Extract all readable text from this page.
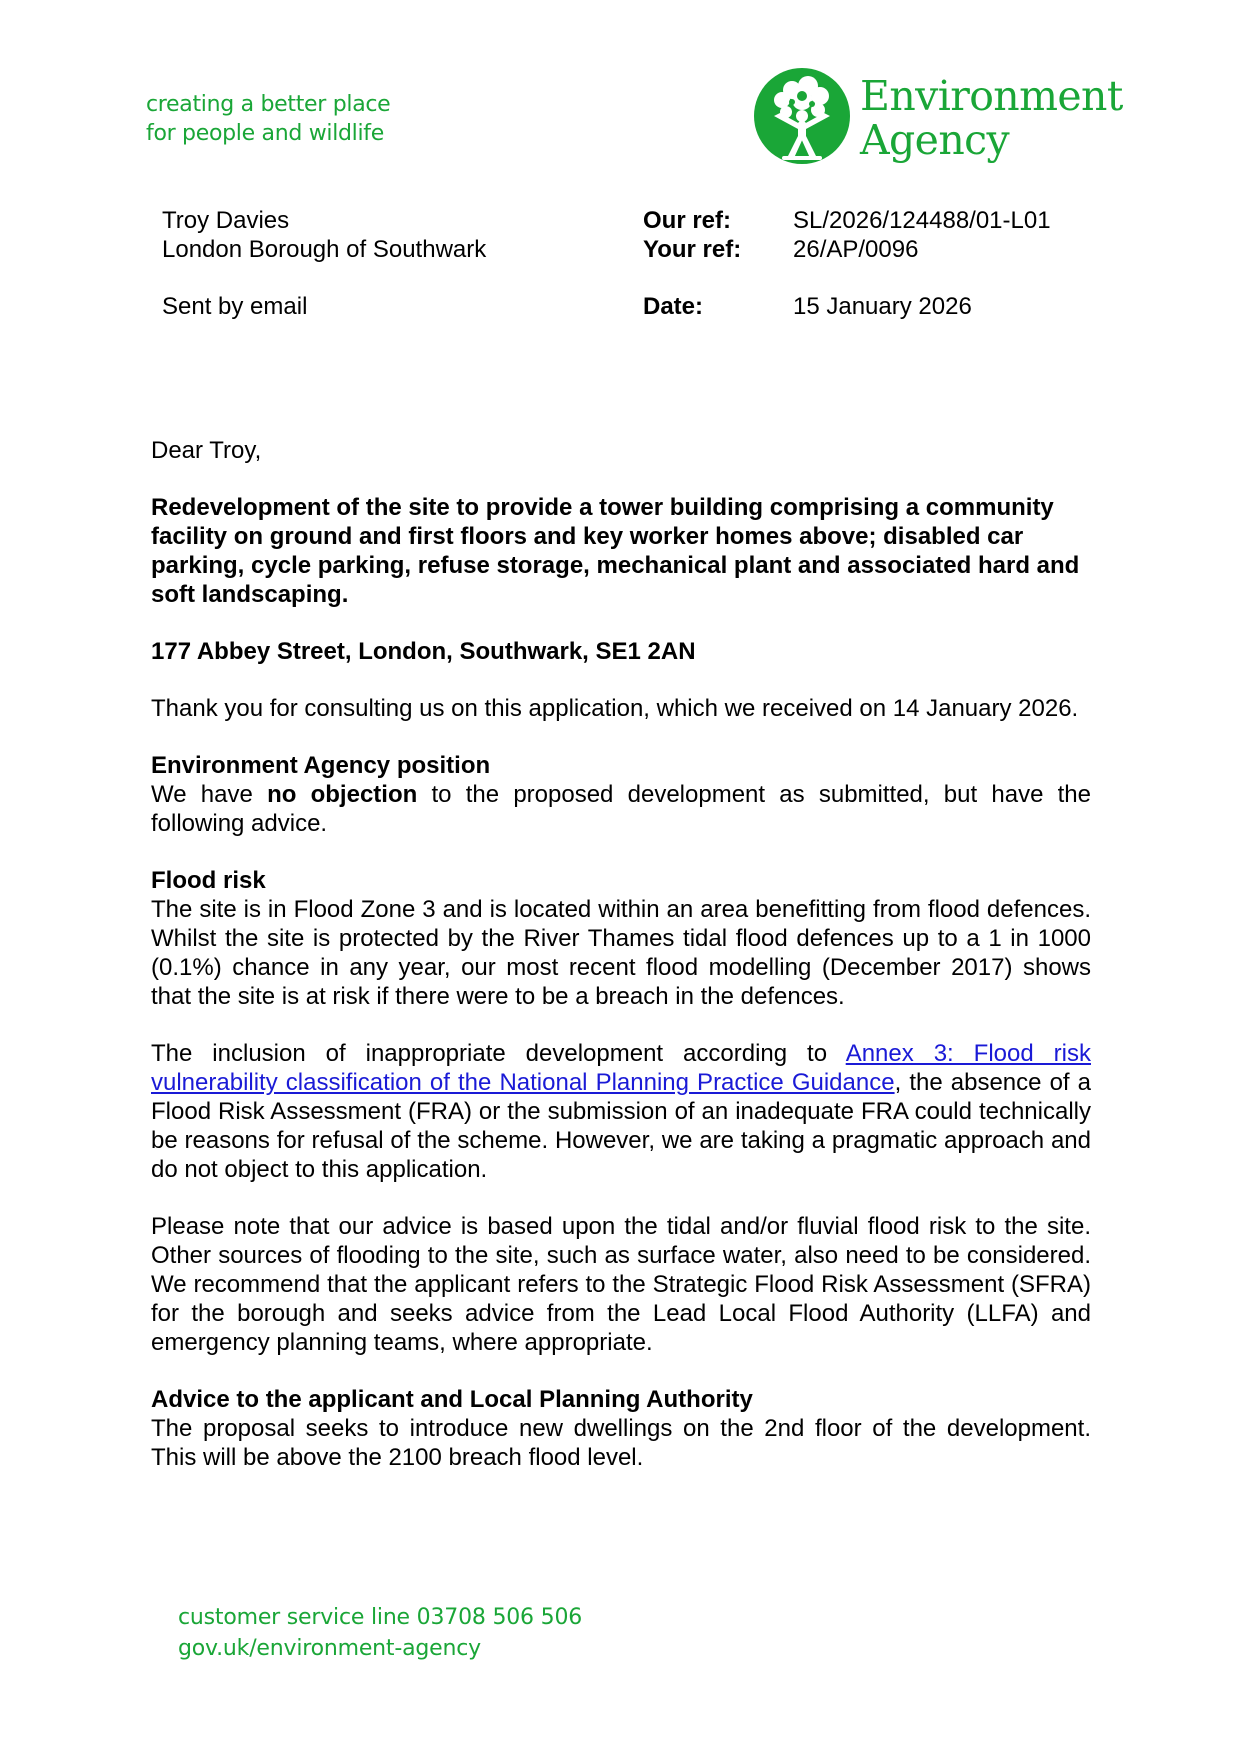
creating a better place
for people and wildlife
Environment
Agency
Troy Davies
London Borough of Southwark
Sent by email
Our ref:	SL/2026/124488/01-L01
Your ref:	26/AP/0096
Date:	15 January 2026

Dear Troy,

Redevelopment of the site to provide a tower building comprising a community facility on ground and first floors and key worker homes above; disabled car parking, cycle parking, refuse storage, mechanical plant and associated hard and soft landscaping.

177 Abbey Street, London, Southwark, SE1 2AN

Thank you for consulting us on this application, which we received on 14 January 2026.

Environment Agency position
We have no objection to the proposed development as submitted, but have the following advice.

Flood risk
The site is in Flood Zone 3 and is located within an area benefitting from flood defences. Whilst the site is protected by the River Thames tidal flood defences up to a 1 in 1000 (0.1%) chance in any year, our most recent flood modelling (December 2017) shows that the site is at risk if there were to be a breach in the defences.

The inclusion of inappropriate development according to Annex 3: Flood risk vulnerability classification of the National Planning Practice Guidance, the absence of a Flood Risk Assessment (FRA) or the submission of an inadequate FRA could technically be reasons for refusal of the scheme. However, we are taking a pragmatic approach and do not object to this application.

Please note that our advice is based upon the tidal and/or fluvial flood risk to the site. Other sources of flooding to the site, such as surface water, also need to be considered. We recommend that the applicant refers to the Strategic Flood Risk Assessment (SFRA) for the borough and seeks advice from the Lead Local Flood Authority (LLFA) and emergency planning teams, where appropriate.

Advice to the applicant and Local Planning Authority
The proposal seeks to introduce new dwellings on the 2nd floor of the development. This will be above the 2100 breach flood level.

customer service line 03708 506 506
gov.uk/environment-agency
